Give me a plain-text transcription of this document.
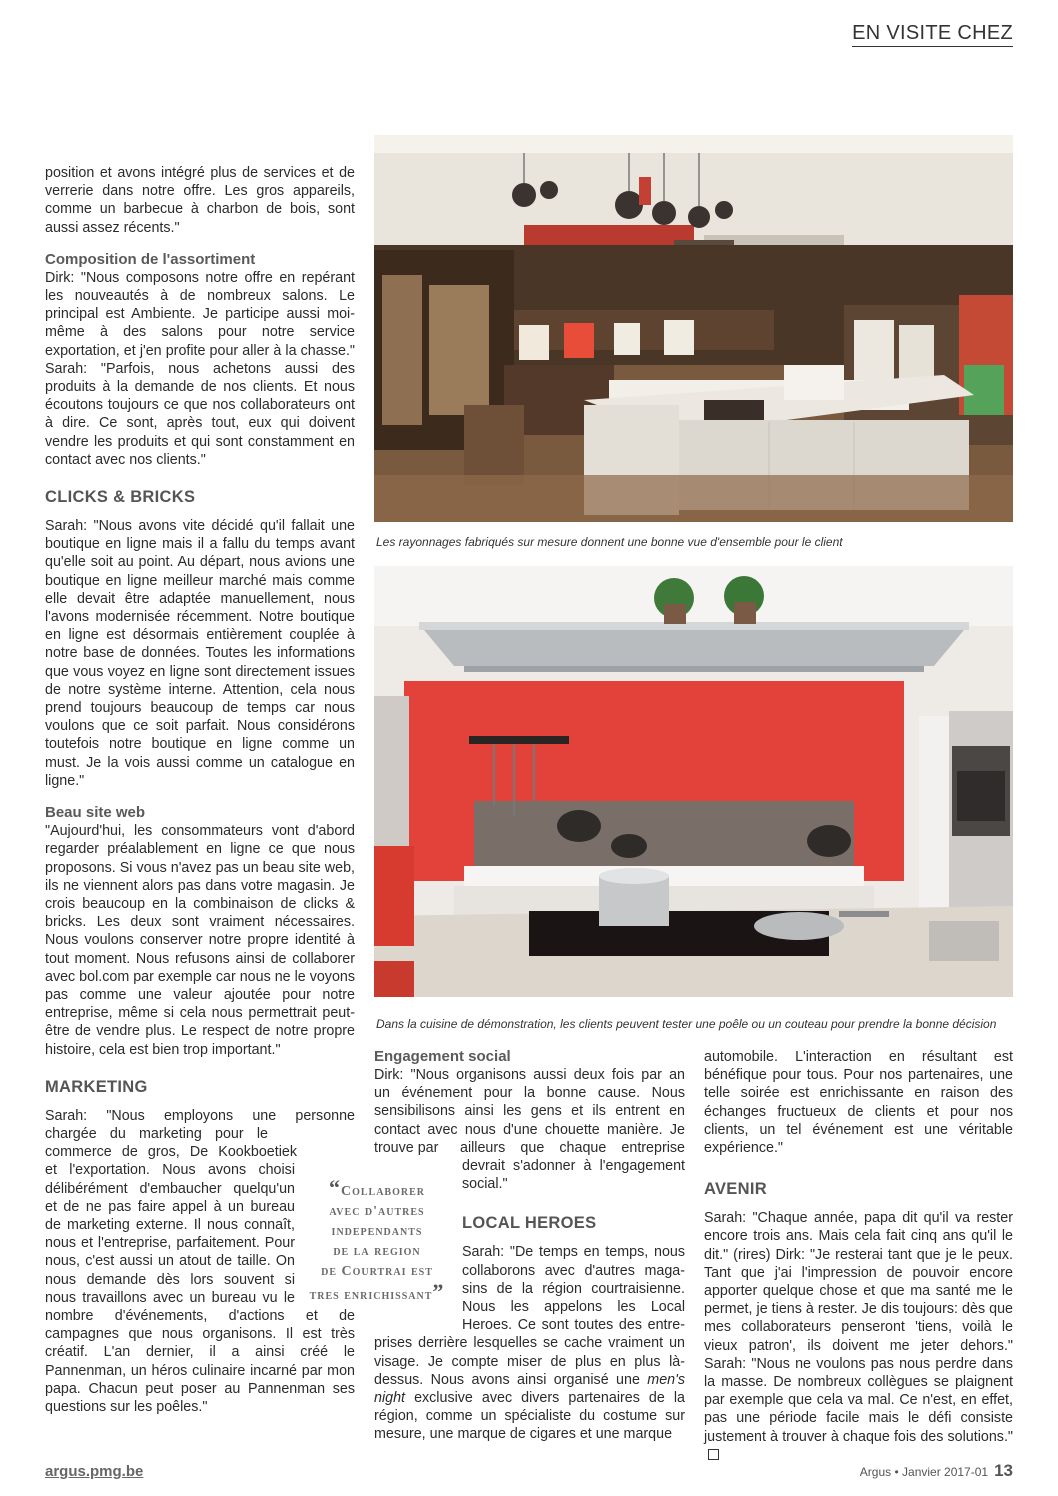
EN VISITE CHEZ

position et avons intégré plus de services et de verrerie dans notre offre. Les gros appareils, comme un barbecue à charbon de bois, sont aussi assez récents."

Composition de l'assortiment

Dirk: "Nous composons notre offre en repérant les nouveautés à de nombreux salons. Le principal est Ambiente. Je participe aussi moi-même à des salons pour notre service exportation, et j'en profite pour aller à la chasse." Sarah: "Parfois, nous achetons aussi des produits à la demande de nos clients. Et nous écoutons toujours ce que nos collaborateurs ont à dire. Ce sont, après tout, eux qui doivent vendre les produits et qui sont constamment en contact avec nos clients."

CLICKS & BRICKS

Sarah: "Nous avons vite décidé qu'il fallait une boutique en ligne mais il a fallu du temps avant qu'elle soit au point. Au départ, nous avions une boutique en ligne meilleur marché mais comme elle devait être adaptée manuellement, nous l'avons modernisée récemment. Notre boutique en ligne est désormais entièrement couplée à notre base de données. Toutes les informations que vous voyez en ligne sont directement issues de notre système interne. Attention, cela nous prend toujours beaucoup de temps car nous voulons que ce soit parfait. Nous considérons toutefois notre boutique en ligne comme un must. Je la vois aussi comme un catalogue en ligne."

Beau site web

"Aujourd'hui, les consommateurs vont d'abord regarder préalablement en ligne ce que nous proposons. Si vous n'avez pas un beau site web, ils ne viennent alors pas dans votre magasin. Je crois beaucoup en la combinaison de clicks & bricks. Les deux sont vraiment nécessaires. Nous voulons conserver notre propre identité à tout moment. Nous refusons ainsi de collaborer avec bol.com par exemple car nous ne le voyons pas comme une valeur ajoutée pour notre entreprise, même si cela nous permettrait peut-être de vendre plus. Le respect de notre propre histoire, cela est bien trop important."

MARKETING

Sarah: "Nous employons une personne

chargée du marketing pour le

commerce de gros, De Kookboetiek

et l'exportation. Nous avons choisi

délibérément d'embaucher quelqu'un

et de ne pas faire appel à un bureau

de marketing externe. Il nous connaît,

nous et l'entreprise, parfaitement. Pour

nous, c'est aussi un atout de taille. On

nous demande dès lors souvent si

nous travaillons avec un bureau vu le

nombre d'événements, d'actions et de campagnes que nous organisons. Il est très créatif. L'an dernier, il a ainsi créé le Pannenman, un héros culinaire incarné par mon papa. Chacun peut poser au Pannenman ses questions sur les poêles."

Les rayonnages fabriqués sur mesure donnent une bonne vue d'ensemble pour le client
Dans la cuisine de démonstration, les clients peuvent tester une poêle ou un couteau pour prendre la bonne décision
“Collaborer
avec d'autres
independants
de la region
de Courtrai est
tres enrichissant”
Engagement social

Dirk: "Nous organisons aussi deux fois par an

un événement pour la bonne cause. Nous

sensibilisons ainsi les gens et ils entrent en

contact avec nous d'une chouette manière. Je

trouve par ailleurs que chaque entreprise

devrait s'adonner à l'engagement

social."

LOCAL HEROES

Sarah: "De temps en temps, nous

collaborons avec d'autres maga-

sins de la région courtraisienne.

Nous les appelons les Local

Heroes. Ce sont toutes des entre-

prises derrière lesquelles se cache vraiment un visage. Je compte miser de plus en plus là-dessus. Nous avons ainsi organisé une men's night exclusive avec divers partenaires de la région, comme un spécialiste du costume sur mesure, une marque de cigares et une marque

automobile. L'interaction en résultant est bénéfique pour tous. Pour nos partenaires, une telle soirée est enrichissante en raison des échanges fructueux de clients et pour nos clients, un tel événement est une véritable expérience."

AVENIR

Sarah: "Chaque année, papa dit qu'il va rester encore trois ans. Mais cela fait cinq ans qu'il le dit." (rires) Dirk: "Je resterai tant que je le peux. Tant que j'ai l'impression de pouvoir encore apporter quelque chose et que ma santé me le permet, je tiens à rester. Je dis toujours: dès que mes collaborateurs penseront 'tiens, voilà le vieux patron', ils doivent me jeter dehors." Sarah: "Nous ne voulons pas nous perdre dans la masse. De nombreux collègues se plaignent par exemple que cela va mal. Ce n'est, en effet, pas une période facile mais le défi consiste justement à trouver à chaque fois des solutions."

argus.pmg.be	Argus • Janvier 2017-01 13
